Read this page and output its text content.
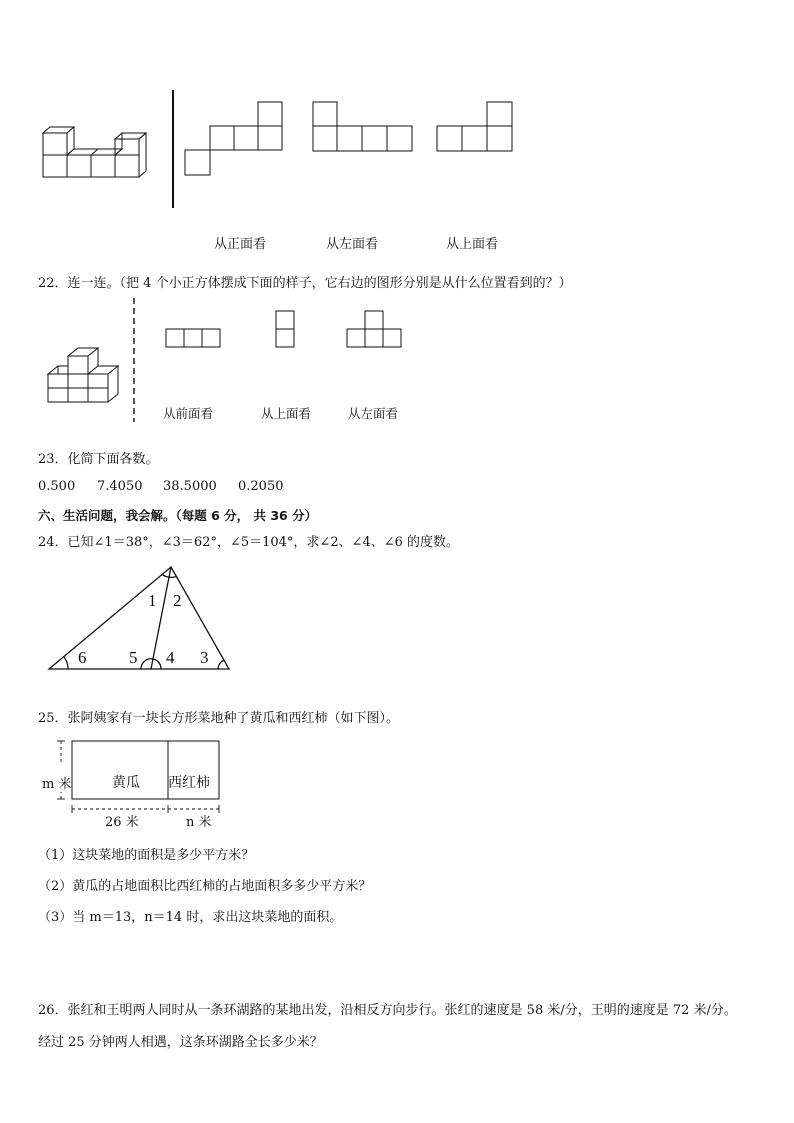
从正面看	从左面看	从上面看
22．连一连。（把 4 个小正方体摆成下面的样子，它右边的图形分别是从什么位置看到的？）
从前面看	从上面看	从左面看
23．化简下面各数。
0.500 7.4050 38.5000 0.2050
六、生活问题，我会解。（每题 6 分， 共 36 分）
24．已知∠1＝38°，∠3＝62°，∠5＝104°，求∠2、∠4、∠6 的度数。
1 2
3
4
5
6
25．张阿姨家有一块长方形菜地种了黄瓜和西红柿（如下图）。
m 米	黄瓜 西红柿
26 米	n 米
（1）这块菜地的面积是多少平方米？
（2）黄瓜的占地面积比西红柿的占地面积多多少平方米？
（3）当 m＝13，n＝14 时，求出这块菜地的面积。
26．张红和王明两人同时从一条环湖路的某地出发，沿相反方向步行。张红的速度是 58 米/分，王明的速度是 72 米/分。
经过 25 分钟两人相遇，这条环湖路全长多少米？
